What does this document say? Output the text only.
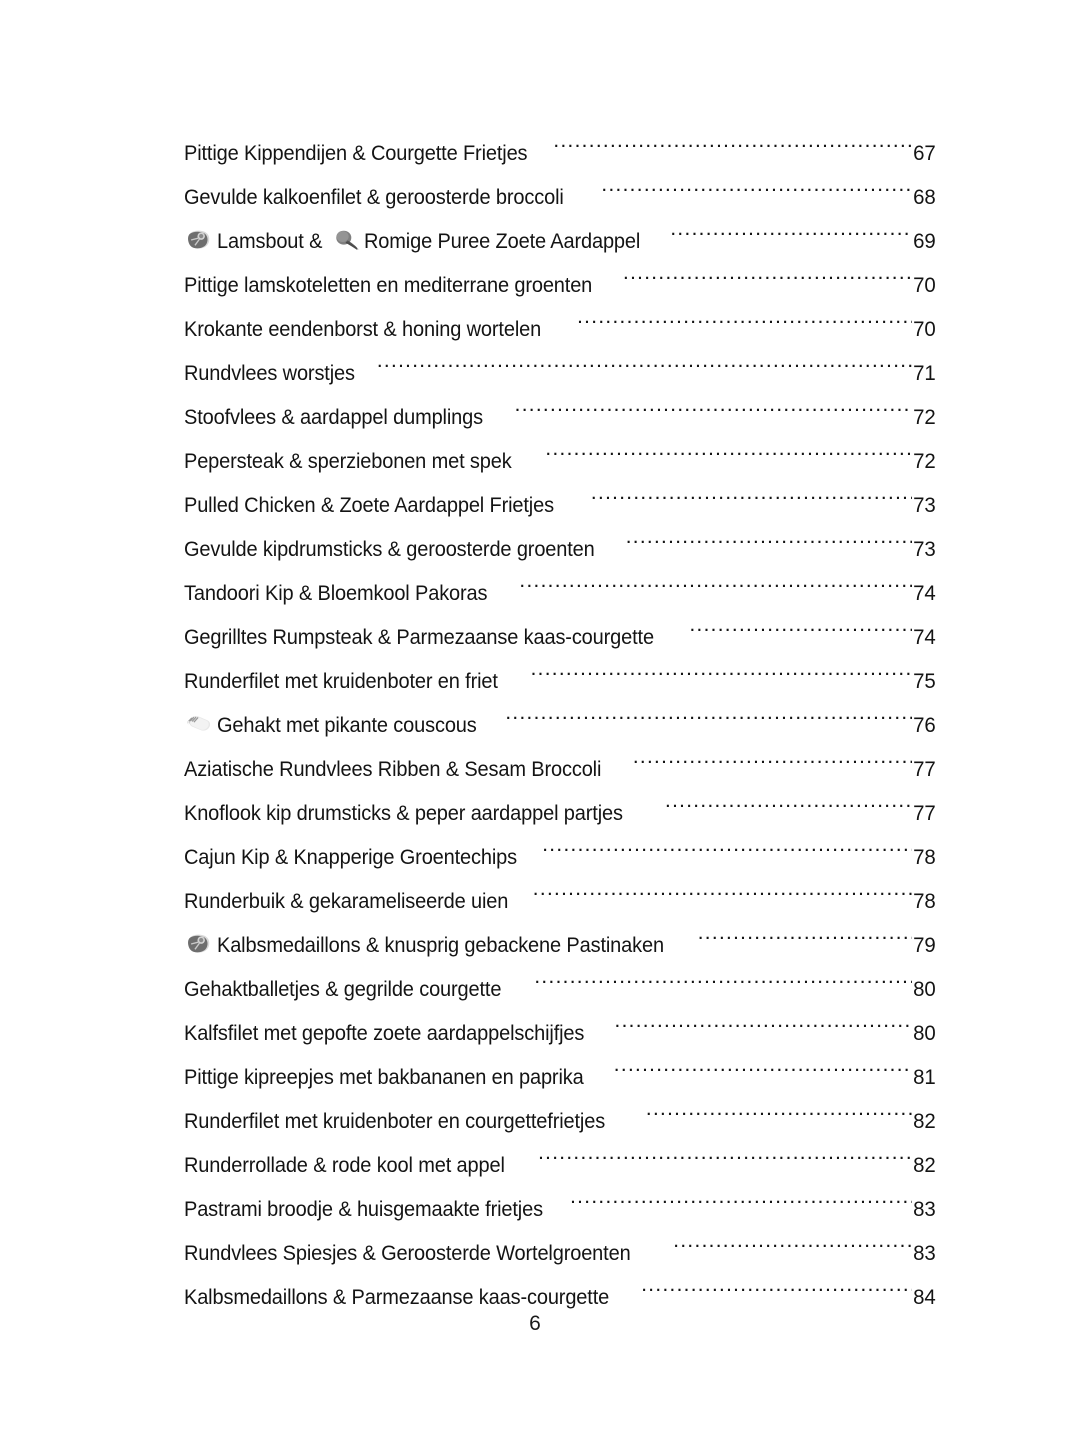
Pittige Kippendijen & Courgette Frietjes .....	67
Gevulde kalkoenfilet & geroosterde broccoli .....	68
Lamsbout & Romige Puree Zoete Aardappel .....	69
Pittige lamskoteletten en mediterrane groenten .....	70
Krokante eendenborst & honing wortelen .....	70
Rundvlees worstjes .....	71
Stoofvlees & aardappel dumplings .....	72
Pepersteak & sperziebonen met spek .....	72
Pulled Chicken & Zoete Aardappel Frietjes .....	73
Gevulde kipdrumsticks & geroosterde groenten .....	73
Tandoori Kip & Bloemkool Pakoras .....	74
Gegrilltes Rumpsteak & Parmezaanse kaas-courgette .....	74
Runderfilet met kruidenboter en friet .....	75
Gehakt met pikante couscous .....	76
Aziatische Rundvlees Ribben & Sesam Broccoli .....	77
Knoflook kip drumsticks & peper aardappel partjes .....	77
Cajun Kip & Knapperige Groentechips .....	78
Runderbuik & gekarameliseerde uien .....	78
Kalbsmedaillons & knusprig gebackene Pastinaken .....	79
Gehaktballetjes & gegrilde courgette .....	80
Kalfsfilet met gepofte zoete aardappelschijfjes .....	80
Pittige kipreepjes met bakbananen en paprika .....	81
Runderfilet met kruidenboter en courgettefrietjes .....	82
Runderrollade & rode kool met appel .....	82
Pastrami broodje & huisgemaakte frietjes .....	83
Rundvlees Spiesjes & Geroosterde Wortelgroenten .....	83
Kalbsmedaillons & Parmezaanse kaas-courgette .....	84
6
